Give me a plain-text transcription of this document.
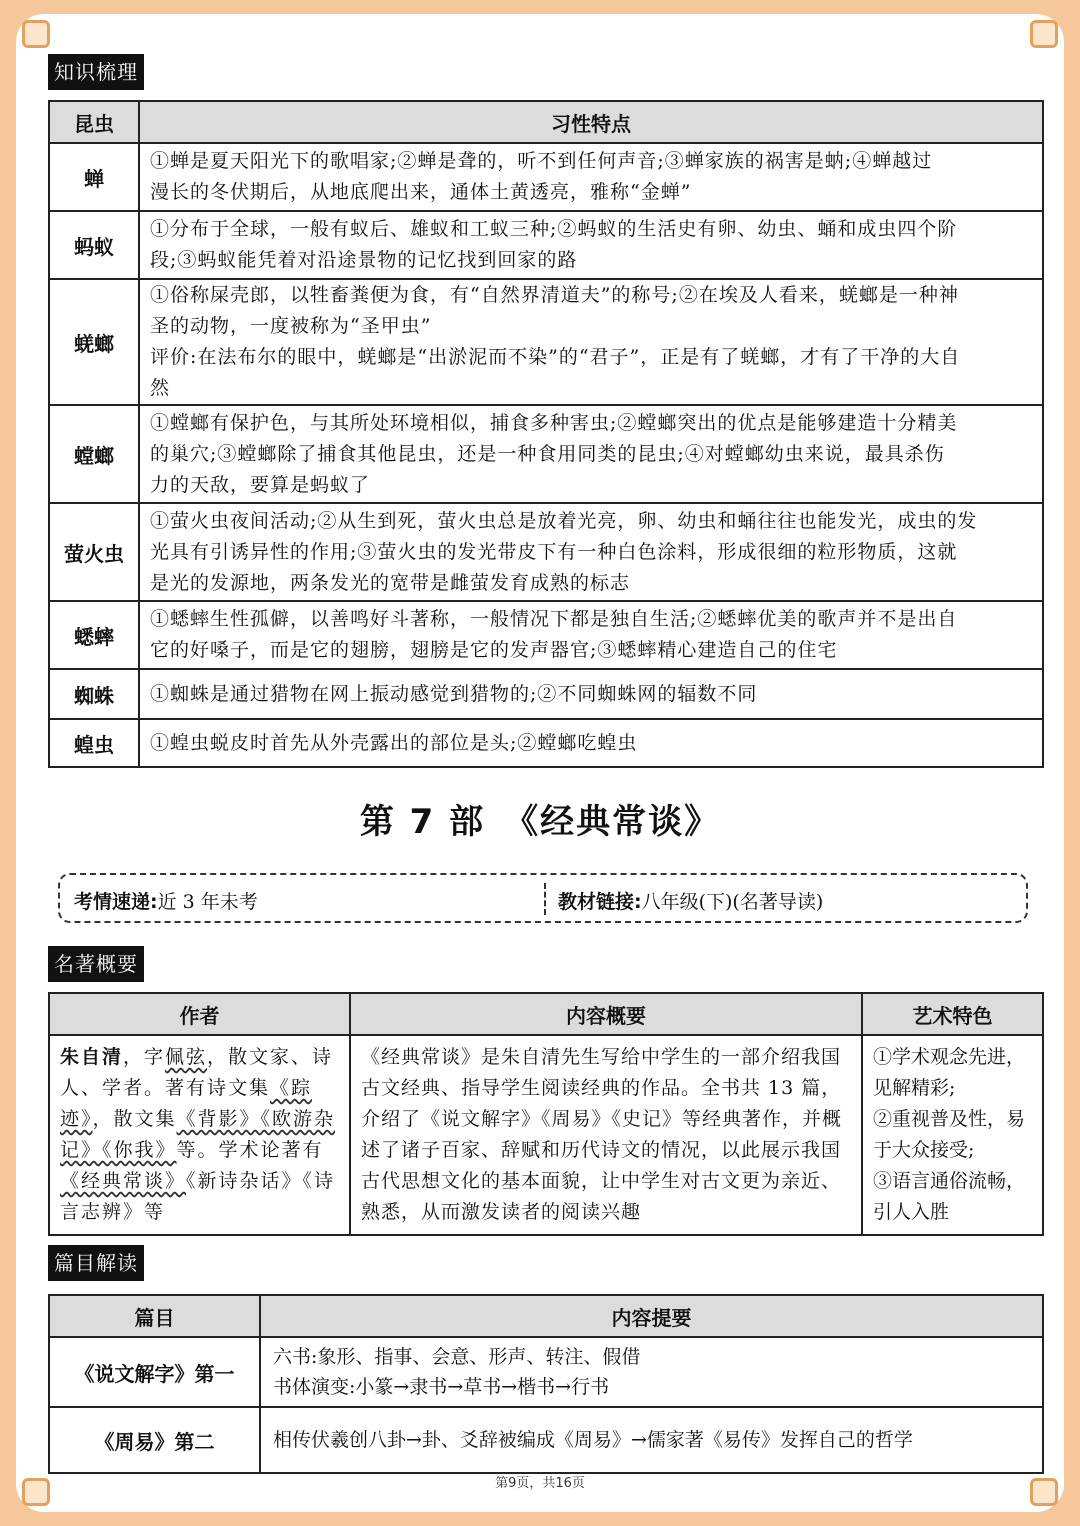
知识梳理
昆虫	习性特点
蝉	①蝉是夏天阳光下的歌唱家;②蝉是聋的，听不到任何声音;③蝉家族的祸害是蚋;④蝉越过
漫长的冬伏期后，从地底爬出来，通体土黄透亮，雅称“金蝉”

蚂蚁	①分布于全球，一般有蚁后、雄蚁和工蚁三种;②蚂蚁的生活史有卵、幼虫、蛹和成虫四个阶
段;③蚂蚁能凭着对沿途景物的记忆找到回家的路

蜣螂	①俗称屎壳郎，以牲畜粪便为食，有“自然界清道夫”的称号;②在埃及人看来，蜣螂是一种神
圣的动物，一度被称为“圣甲虫”
评价:在法布尔的眼中，蜣螂是“出淤泥而不染”的“君子”，正是有了蜣螂，才有了干净的大自
然

螳螂	①螳螂有保护色，与其所处环境相似，捕食多种害虫;②螳螂突出的优点是能够建造十分精美
的巢穴;③螳螂除了捕食其他昆虫，还是一种食用同类的昆虫;④对螳螂幼虫来说，最具杀伤
力的天敌，要算是蚂蚁了

萤火虫	①萤火虫夜间活动;②从生到死，萤火虫总是放着光亮，卵、幼虫和蛹往往也能发光，成虫的发
光具有引诱异性的作用;③萤火虫的发光带皮下有一种白色涂料，形成很细的粒形物质，这就
是光的发源地，两条发光的宽带是雌萤发育成熟的标志

蟋蟀	①蟋蟀生性孤僻，以善鸣好斗著称，一般情况下都是独自生活;②蟋蟀优美的歌声并不是出自
它的好嗓子，而是它的翅膀，翅膀是它的发声器官;③蟋蟀精心建造自己的住宅

蜘蛛	①蜘蛛是通过猎物在网上振动感觉到猎物的;②不同蜘蛛网的辐数不同

蝗虫	①蝗虫蜕皮时首先从外壳露出的部位是头;②螳螂吃蝗虫
第 7 部　《经典常谈》
考情速递:近 3 年未考	教材链接:八年级(下)(名著导读)
名著概要
作者	内容概要	艺术特色
朱自清，字佩弦，散文家、诗人、学者。著有诗文集《踪迹》，散文集《背影》《欧游杂记》《你我》等。学术论著有《经典常谈》《新诗杂话》《诗言志辨》等	《经典常谈》是朱自清先生写给中学生的一部介绍我国古文经典、指导学生阅读经典的作品。全书共 13 篇，介绍了《说文解字》《周易》《史记》等经典著作，并概述了诸子百家、辞赋和历代诗文的情况，以此展示我国古代思想文化的基本面貌，让中学生对古文更为亲近、熟悉，从而激发读者的阅读兴趣	①学术观念先进，见解精彩;
②重视普及性，易于大众接受;
③语言通俗流畅，引人入胜
篇目解读
篇目	内容提要
《说文解字》第一	六书:象形、指事、会意、形声、转注、假借
书体演变:小篆→隶书→草书→楷书→行书

《周易》第二	相传伏羲创八卦→卦、爻辞被编成《周易》→儒家著《易传》发挥自己的哲学
第9页，共16页
